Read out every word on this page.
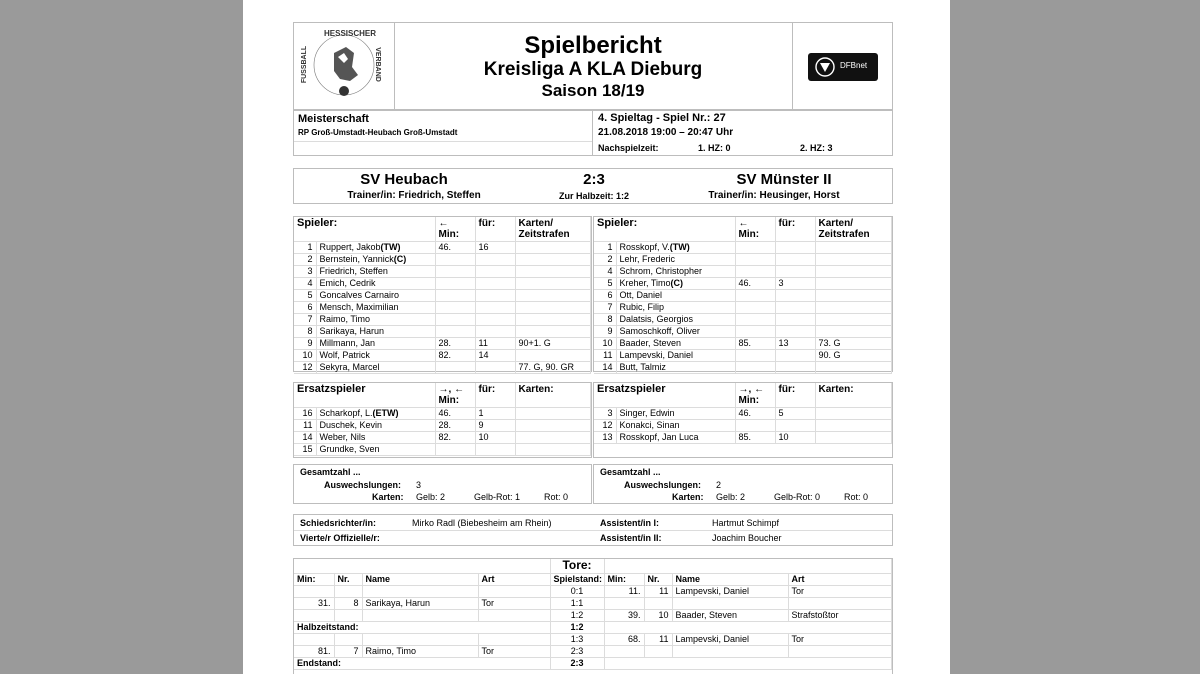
HESSISCHER
FUSSBALL	VERBAND
Spielbericht
Kreisliga A KLA Dieburg
Saison 18/19
DFBnet
Meisterschaft
RP Groß-Umstadt-Heubach Groß-Umstadt
4. Spieltag - Spiel Nr.: 27
21.08.2018 19:00 – 20:47 Uhr
Nachspielzeit:	1. HZ: 0	2. HZ: 3
SV Heubach	2:3	SV Münster II
Trainer/in: Friedrich, Steffen	Zur Halbzeit: 1:2	Trainer/in: Heusinger, Horst
Spieler:		←
Min:	für:	Karten/
Zeitstrafen
1	Ruppert, Jakob(TW)	46.	16	
2	Bernstein, Yannick(C)			
3	Friedrich, Steffen			
4	Emich, Cedrik			
5	Goncalves Carnairo			
6	Mensch, Maximilian			
7	Raimo, Timo			
8	Sarikaya, Harun			
9	Millmann, Jan	28.	11	90+1. G
10	Wolf, Patrick	82.	14	
12	Sekyra, Marcel			77. G, 90. GR
Spieler:		←
Min:	für:	Karten/
Zeitstrafen
1	Rosskopf, V.(TW)			
2	Lehr, Frederic			
4	Schrom, Christopher			
5	Kreher, Timo(C)	46.	3	
6	Ott, Daniel			
7	Rubic, Filip			
8	Dalatsis, Georgios			
9	Samoschkoff, Oliver			
10	Baader, Steven	85.	13	73. G
11	Lampevski, Daniel			90. G
14	Butt, Talmiz			
Ersatzspieler		→, ←
Min:	für:	Karten:
16	Scharkopf, L.(ETW)	46.	1	
11	Duschek, Kevin	28.	9	
14	Weber, Nils	82.	10	
15	Grundke, Sven			
Ersatzspieler		→, ←
Min:	für:	Karten:
3	Singer, Edwin	46.	5	
12	Konakci, Sinan			
13	Rosskopf, Jan Luca	85.	10	
Gesamtzahl ...
Auswechslungen: 3
Karten: Gelb: 2	Gelb-Rot: 1	Rot: 0
Gesamtzahl ...
Auswechslungen: 2
Karten: Gelb: 2	Gelb-Rot: 0	Rot: 0
Schiedsrichter/in:	Mirko Radl (Biebesheim am Rhein)
Vierte/r Offizielle/r:
Assistent/in I:	Hartmut Schimpf
Assistent/in II:	Joachim Boucher
				Tore:				
Min:	Nr.	Name	Art	Spielstand:	Min:	Nr.	Name	Art
				0:1	11.	11	Lampevski, Daniel	Tor
31.	8	Sarikaya, Harun	Tor	1:1				
				1:2	39.	10	Baader, Steven	Strafstoßtor
Halbzeitstand:				1:2				
				1:3	68.	11	Lampevski, Daniel	Tor
81.	7	Raimo, Timo	Tor	2:3				
Endstand:				2:3				
